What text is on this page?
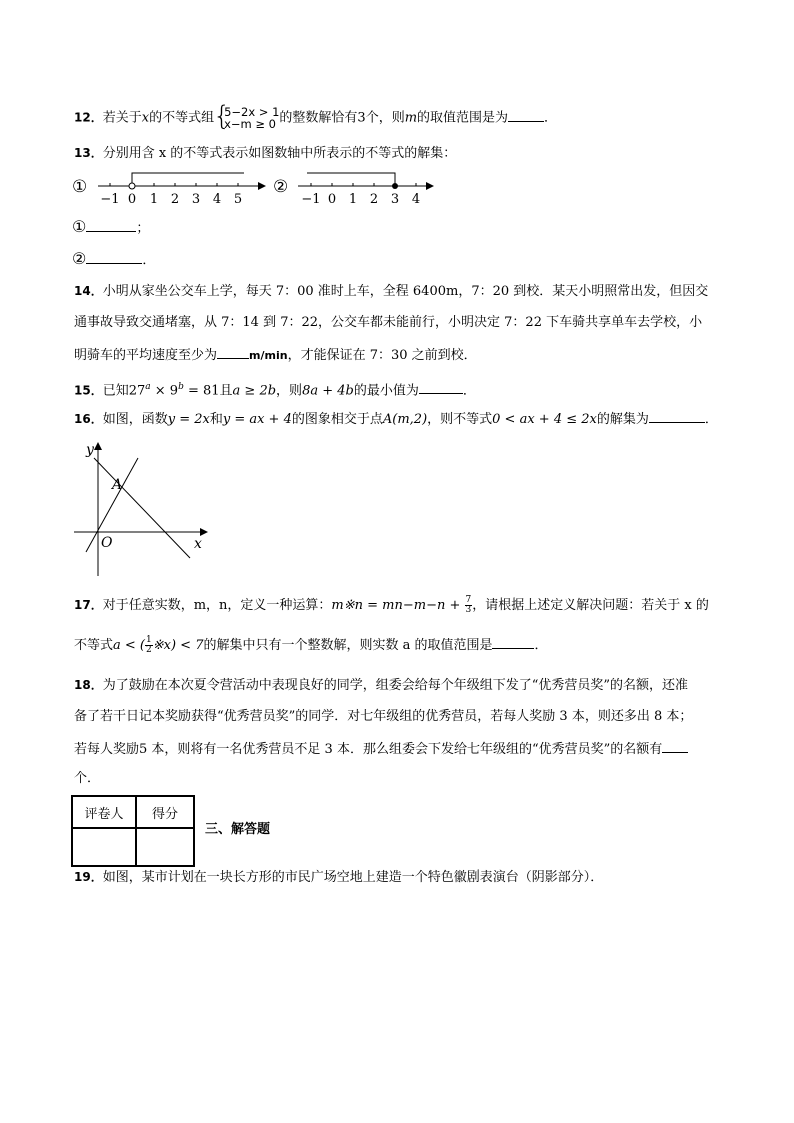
12．若关于x的不等式组 {
5−2x > 1
x−m ≥ 0 的整数解恰有3个，则m的取值范围是为	．
13．分别用含 x 的不等式表示如图数轴中所表示的不等式的解集：
①
−1 0 1 2 3 4 5
②
−1 0 1 2 3 4
①	；
②	．
14．小明从家坐公交车上学，每天 7：00 准时上车，全程 6400m，7：20 到校．某天小明照常出发，但因交
通事故导致交通堵塞，从 7：14 到 7：22，公交车都未能前行，小明决定 7：22 下车骑共享单车去学校，小
明骑车的平均速度至少为	m/min，才能保证在 7：30 之前到校．
15．已知$27^a \times 9^b = 81$且a ≥ 2b，则8a + 4b的最小值为	．
16．如图，函数y = 2x和y = ax + 4的图象相交于点A(m,2)，则不等式0 < ax + 4 ≤ 2x的解集为	．
y
x
O
A
17．对于任意实数，m，n，定义一种运算：m※n = $mn-m-n + \frac{7}{3}$ ，请根据上述定义解决问题：若关于 x 的
不等式a < ( $\frac{1}{2}$ ※x) < 7的解集中只有一个整数解，则实数 a 的取值范围是	．
18．为了鼓励在本次夏令营活动中表现良好的同学，组委会给每个年级组下发了“优秀营员奖”的名额，还准
备了若干日记本奖励获得“优秀营员奖”的同学．对七年级组的优秀营员，若每人奖励 3 本，则还多出 8 本；
若每人奖励5 本，则将有一名优秀营员不足 3 本．那么组委会下发给七年级组的“优秀营员奖”的名额有
个．
评卷人	得分

三、解答题
19．如图，某市计划在一块长方形的市民广场空地上建造一个特色徽剧表演台（阴影部分）．
